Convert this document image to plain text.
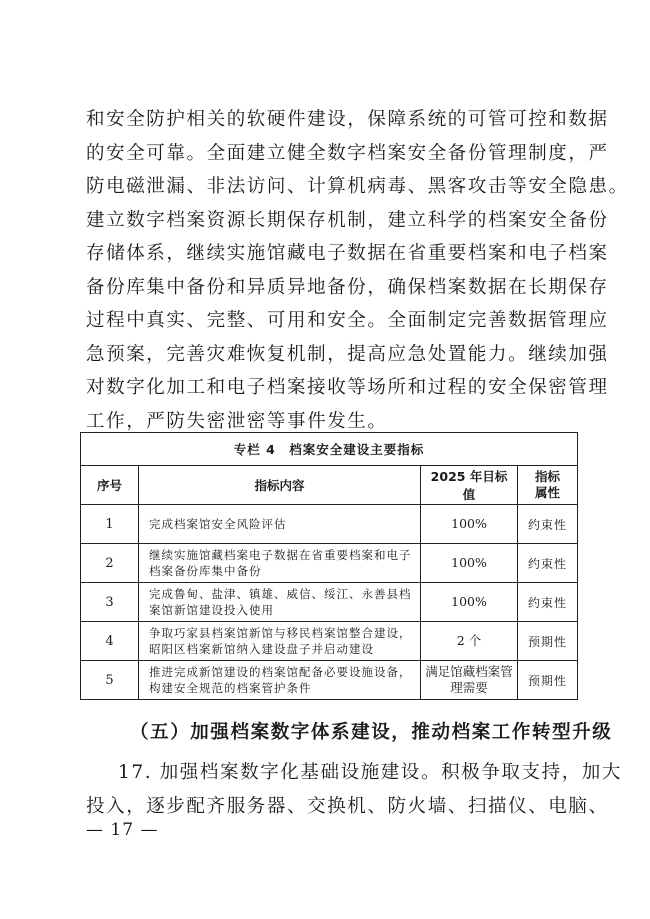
和安全防护相关的软硬件建设，保障系统的可管可控和数据
的安全可靠。全面建立健全数字档案安全备份管理制度，严
防电磁泄漏、非法访问、计算机病毒、黑客攻击等安全隐患。
建立数字档案资源长期保存机制，建立科学的档案安全备份
存储体系，继续实施馆藏电子数据在省重要档案和电子档案
备份库集中备份和异质异地备份，确保档案数据在长期保存
过程中真实、完整、可用和安全。全面制定完善数据管理应
急预案，完善灾难恢复机制，提高应急处置能力。继续加强
对数字化加工和电子档案接收等场所和过程的安全保密管理
工作，严防失密泄密等事件发生。
专栏 4　档案安全建设主要指标			
序号	指标内容	2025 年目标值	指标
属性
1	完成档案馆安全风险评估	100%	约束性
2	继续实施馆藏档案电子数据在省重要档案和电子档案备份库集中备份	100%	约束性
3	完成鲁甸、盐津、镇雄、威信、绥江、永善县档案馆新馆建设投入使用	100%	约束性
4	争取巧家县档案馆新馆与移民档案馆整合建设，昭阳区档案新馆纳入建设盘子并启动建设	2 个	预期性
5	推进完成新馆建设的档案馆配备必要设施设备，构建安全规范的档案管护条件	满足馆藏档案管理需要	预期性

（五）加强档案数字体系建设，推动档案工作转型升级

17. 加强档案数字化基础设施建设。积极争取支持，加大
投入，逐步配齐服务器、交换机、防火墙、扫描仪、电脑、
— 17 —
